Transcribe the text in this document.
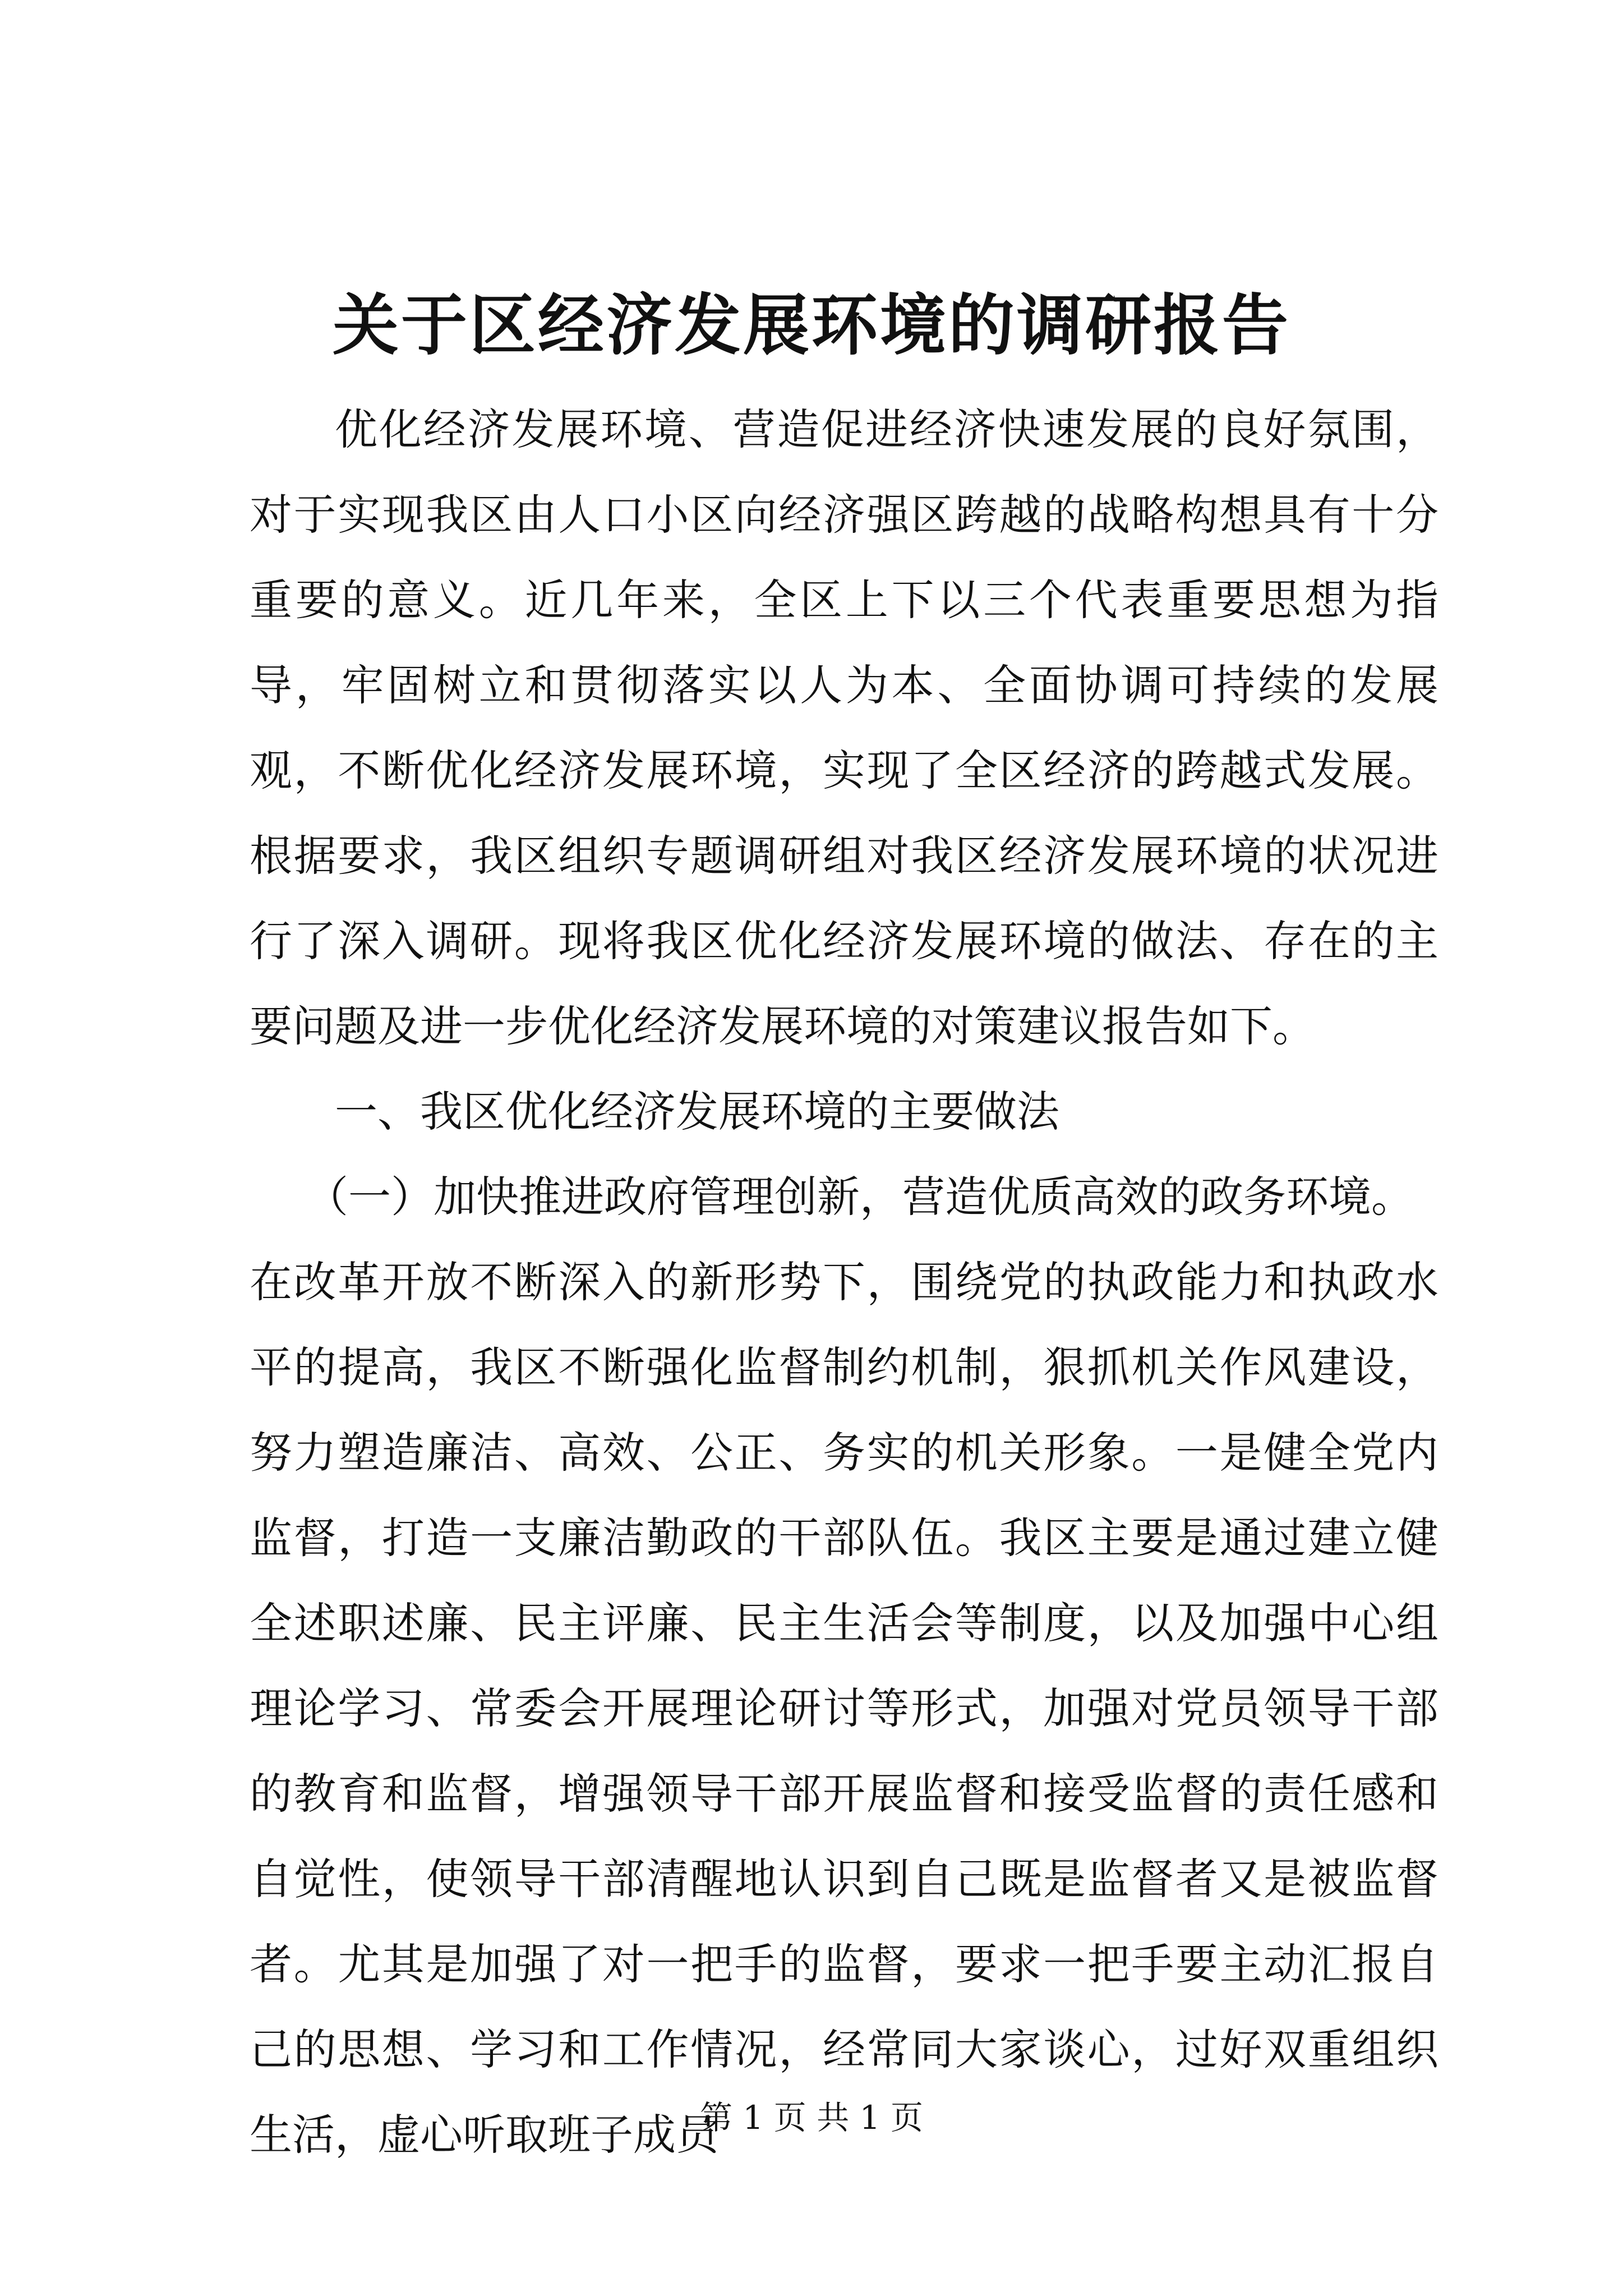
关于区经济发展环境的调研报告

优化经济发展环境、营造促进经济快速发展的良好氛围，对于实现我区由人口小区向经济强区跨越的战略构想具有十分重要的意义。近几年来，全区上下以三个代表重要思想为指导，牢固树立和贯彻落实以人为本、全面协调可持续的发展观，不断优化经济发展环境，实现了全区经济的跨越式发展。根据要求，我区组织专题调研组对我区经济发展环境的状况进行了深入调研。现将我区优化经济发展环境的做法、存在的主要问题及进一步优化经济发展环境的对策建议报告如下。

一、我区优化经济发展环境的主要做法

（一）加快推进政府管理创新，营造优质高效的政务环境。

在改革开放不断深入的新形势下，围绕党的执政能力和执政水平的提高，我区不断强化监督制约机制，狠抓机关作风建设，努力塑造廉洁、高效、公正、务实的机关形象。一是健全党内监督，打造一支廉洁勤政的干部队伍。我区主要是通过建立健全述职述廉、民主评廉、民主生活会等制度，以及加强中心组理论学习、常委会开展理论研讨等形式，加强对党员领导干部的教育和监督，增强领导干部开展监督和接受监督的责任感和自觉性，使领导干部清醒地认识到自己既是监督者又是被监督者。尤其是加强了对一把手的监督，要求一把手要主动汇报自己的思想、学习和工作情况，经常同大家谈心，过好双重组织生活，虚心听取班子成员

第 1 页 共 1 页
